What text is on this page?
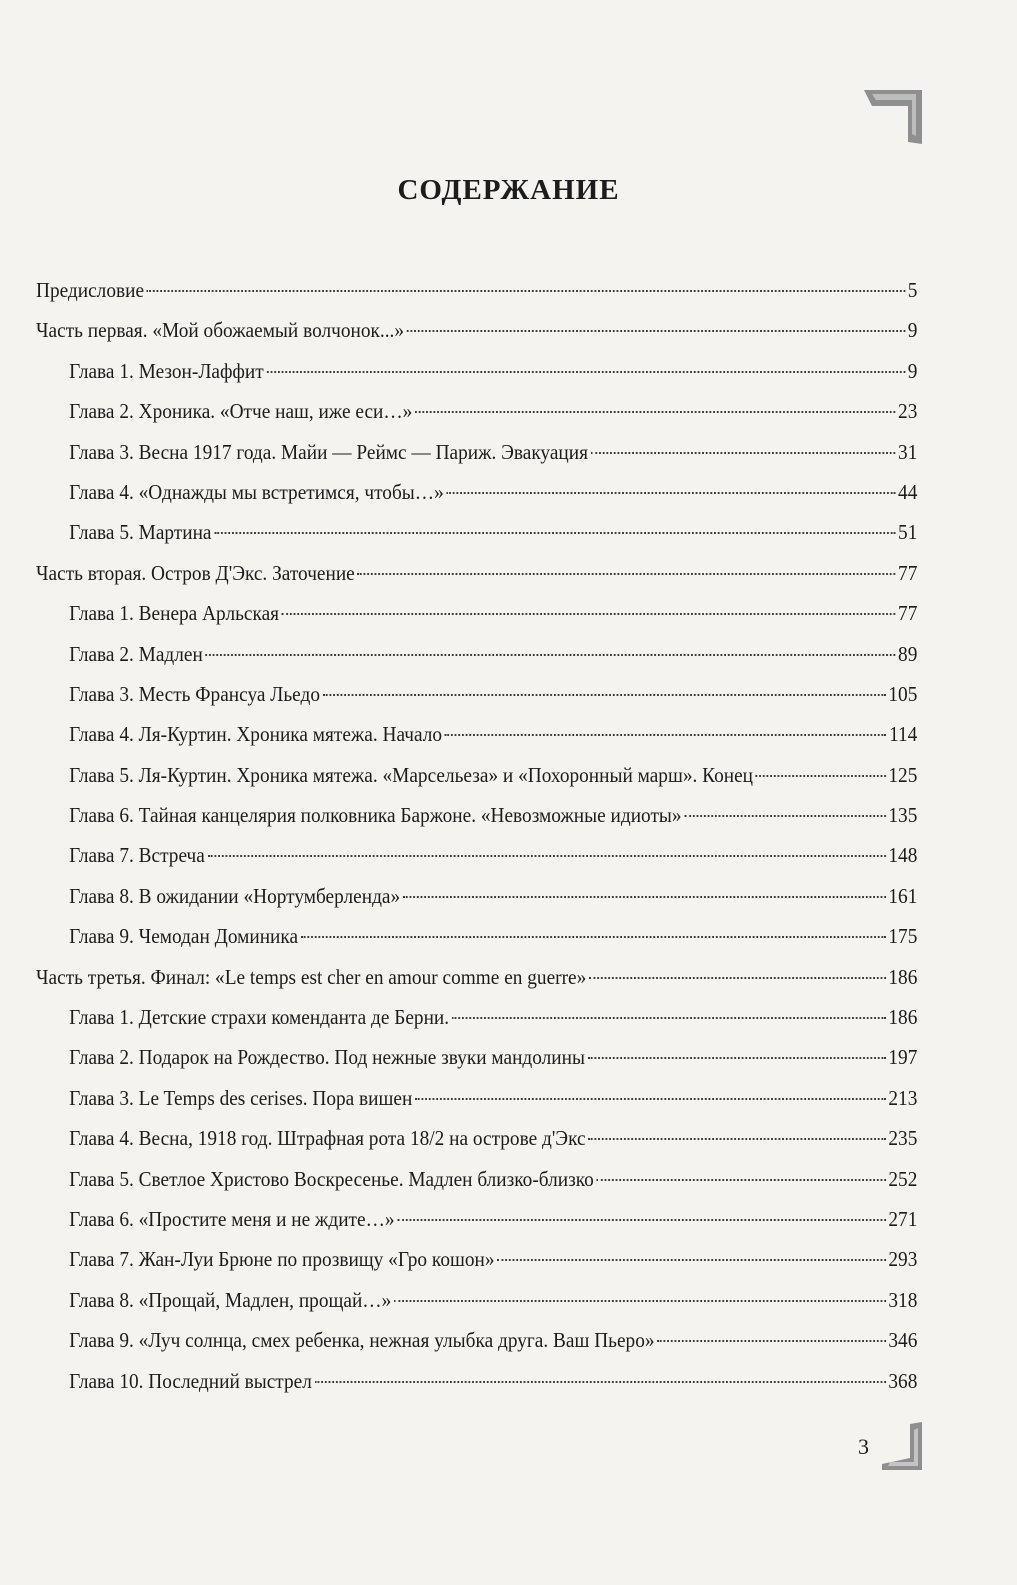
СОДЕРЖАНИЕ
Предисловие	5
Часть первая. «Мой обожаемый волчонок...»	9
Глава 1. Мезон-Лаффит	9
Глава 2. Хроника. «Отче наш, иже еси…»	23
Глава 3. Весна 1917 года. Майи — Реймс — Париж. Эвакуация	31
Глава 4. «Однажды мы встретимся, чтобы…»	44
Глава 5. Мартина	51
Часть вторая. Остров Д'Экс. Заточение	77
Глава 1. Венера Арльская	77
Глава 2. Мадлен	89
Глава 3. Месть Франсуа Льедо	105
Глава 4. Ля-Куртин. Хроника мятежа. Начало	114
Глава 5. Ля-Куртин. Хроника мятежа. «Марсельеза» и «Похоронный марш». Конец	125
Глава 6. Тайная канцелярия полковника Баржоне. «Невозможные идиоты»	135
Глава 7. Встреча	148
Глава 8. В ожидании «Нортумберленда»	161
Глава 9. Чемодан Доминика	175
Часть третья. Финал: «Le temps est cher en amour comme en guerre»	186
Глава 1. Детские страхи коменданта де Берни.	186
Глава 2. Подарок на Рождество. Под нежные звуки мандолины	197
Глава 3. Le Temps des cerises. Пора вишен	213
Глава 4. Весна, 1918 год. Штрафная рота 18/2 на острове д'Экс	235
Глава 5. Светлое Христово Воскресенье. Мадлен близко-близко	252
Глава 6. «Простите меня и не ждите…»	271
Глава 7. Жан-Луи Брюне по прозвищу «Гро кошон»	293
Глава 8. «Прощай, Мадлен, прощай…»	318
Глава 9. «Луч солнца, смех ребенка, нежная улыбка друга. Ваш Пьеро»	346
Глава 10. Последний выстрел	368
3
